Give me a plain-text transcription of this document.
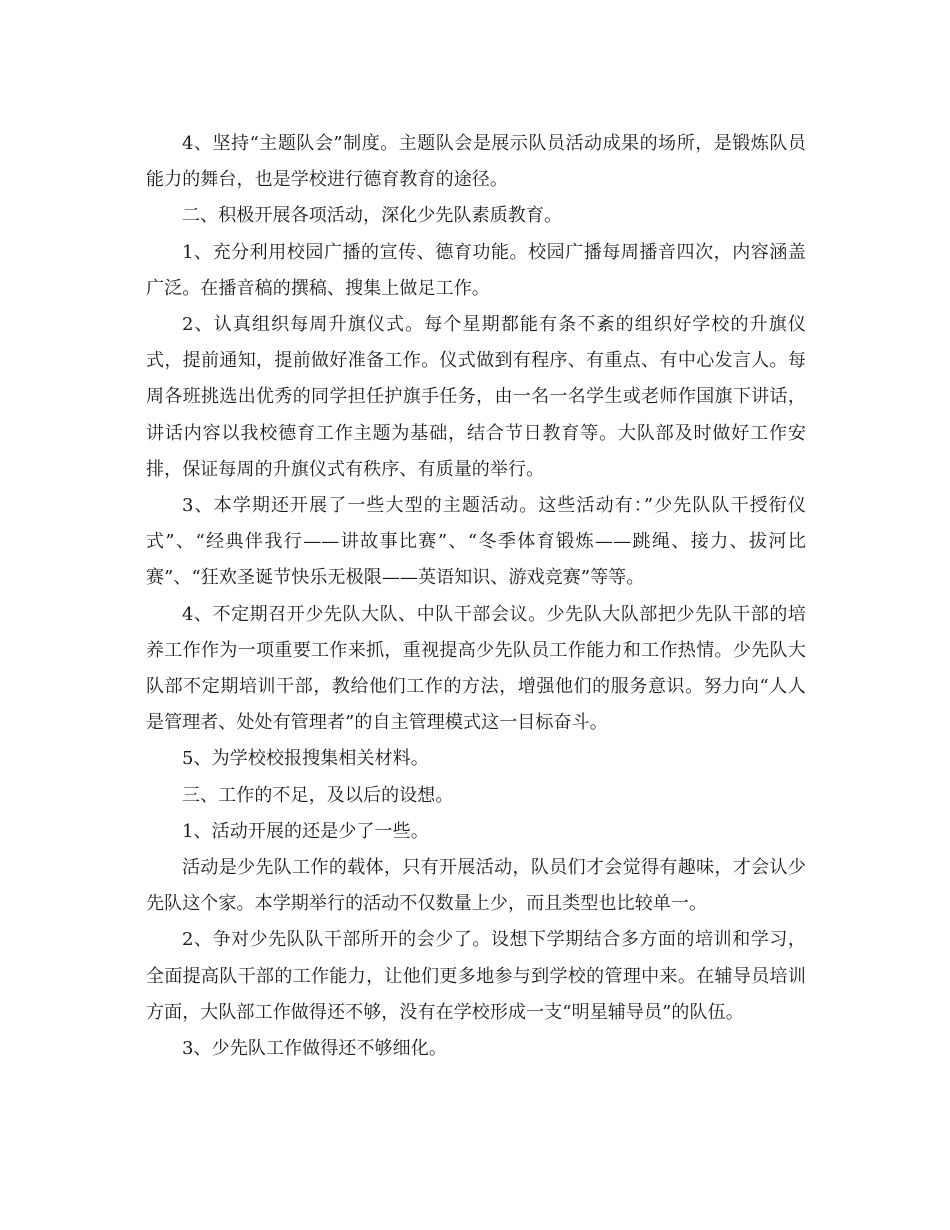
4、坚持“主题队会”制度。主题队会是展示队员活动成果的场所，是锻炼队员能力的舞台，也是学校进行德育教育的途径。

二、积极开展各项活动，深化少先队素质教育。

1、充分利用校园广播的宣传、德育功能。校园广播每周播音四次，内容涵盖广泛。在播音稿的撰稿、搜集上做足工作。

2、认真组织每周升旗仪式。每个星期都能有条不紊的组织好学校的升旗仪式，提前通知，提前做好准备工作。仪式做到有程序、有重点、有中心发言人。每周各班挑选出优秀的同学担任护旗手任务，由一名一名学生或老师作国旗下讲话，讲话内容以我校德育工作主题为基础，结合节日教育等。大队部及时做好工作安排，保证每周的升旗仪式有秩序、有质量的举行。

3、本学期还开展了一些大型的主题活动。这些活动有：”少先队队干授衔仪式”、“经典伴我行——讲故事比赛”、“冬季体育锻炼——跳绳、接力、拔河比赛”、“狂欢圣诞节快乐无极限——英语知识、游戏竞赛”等等。

4、不定期召开少先队大队、中队干部会议。少先队大队部把少先队干部的培养工作作为一项重要工作来抓，重视提高少先队员工作能力和工作热情。少先队大队部不定期培训干部，教给他们工作的方法，增强他们的服务意识。努力向“人人是管理者、处处有管理者”的自主管理模式这一目标奋斗。

5、为学校校报搜集相关材料。

三、工作的不足，及以后的设想。

1、活动开展的还是少了一些。

活动是少先队工作的载体，只有开展活动，队员们才会觉得有趣味，才会认少先队这个家。本学期举行的活动不仅数量上少，而且类型也比较单一。

2、争对少先队队干部所开的会少了。设想下学期结合多方面的培训和学习，全面提高队干部的工作能力，让他们更多地参与到学校的管理中来。在辅导员培训方面，大队部工作做得还不够，没有在学校形成一支“明星辅导员”的队伍。

3、少先队工作做得还不够细化。
